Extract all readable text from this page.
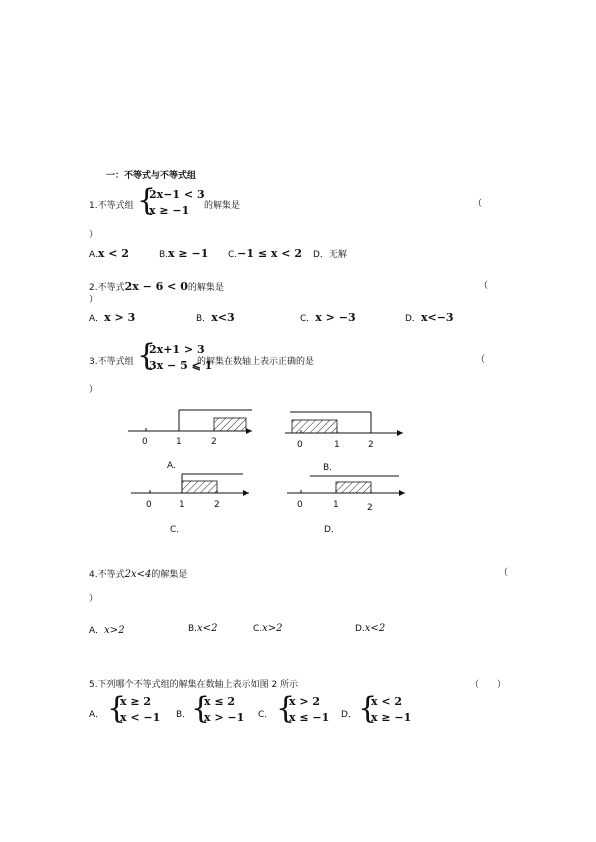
一：不等式与不等式组
1.不等式组 {
2x−1 < 3
x ≥ −1 的解集是	（
）
A.x < 2	B.x ≥ −1 C.−1 ≤ x < 2 D．无解
2.不等式2x − 6 < 0的解集是	（
）
A．x > 3	B．x<3	C．x > −3	D．x<−3
3.不等式组 {
2x+1 > 3
3x − 5 ⩽ 1
的解集在数轴上表示正确的是	（
）
0	1	2
A．
0	1	2
B．
0	1	2
C．
0	1	2
D．
4.不等式2x<4的解集是	（
）
A．x>2	B.x<2	C.x>2	D.x<2
5.下列哪个不等式组的解集在数轴上表示如图 2 所示	（　　）
A． {
x ≥ 2
x < −1 B． {
x ≤ 2
x > −1 C． {
x > 2
x ≤ −1 D． {
x < 2
x ≥ −1
